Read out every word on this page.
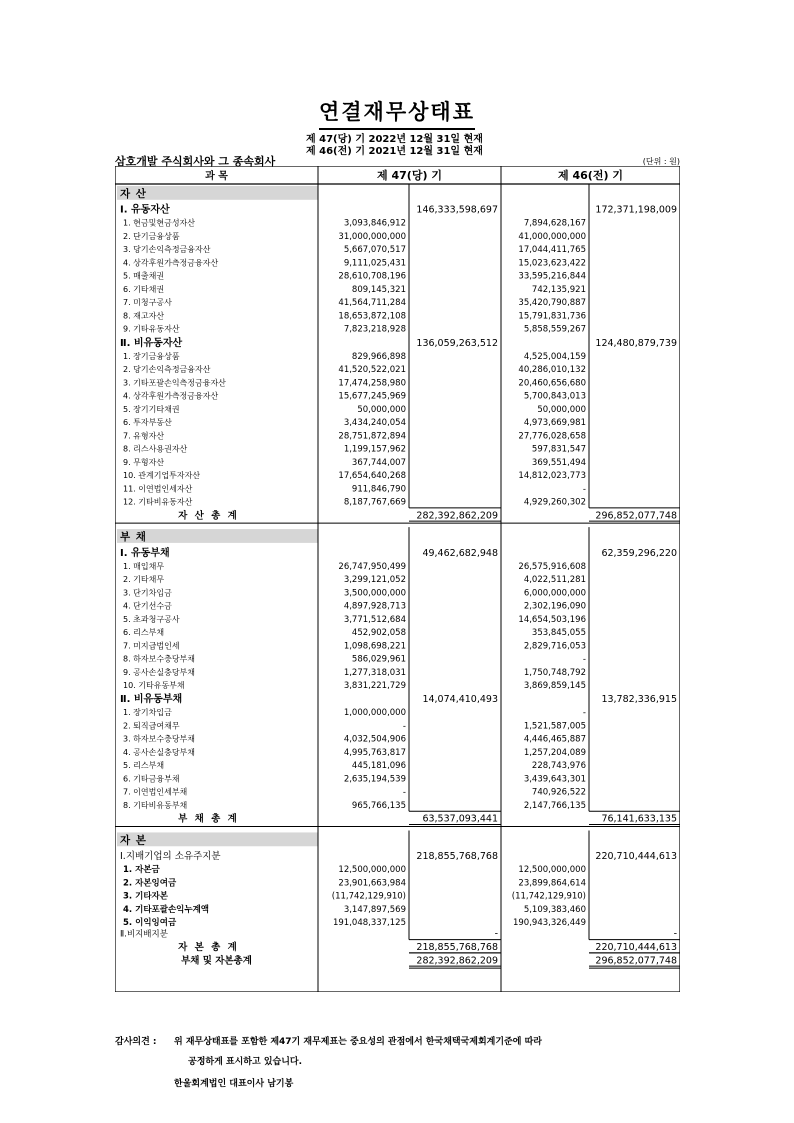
연결재무상태표
제 47(당) 기 2022년 12월 31일 현재
제 46(전) 기 2021년 12월 31일 현재
삼호개발 주식회사와 그 종속회사	(단위 : 원)
과 목	제 47(당) 기	제 46(전) 기
자 산
Ⅰ. 유동자산	146,333,598,697	172,371,198,009
1. 현금및현금성자산	3,093,846,912	7,894,628,167
2. 단기금융상품	31,000,000,000	41,000,000,000
3. 당기손익측정금융자산	5,667,070,517	17,044,411,765
4. 상각후원가측정금융자산	9,111,025,431	15,023,623,422
5. 매출채권	28,610,708,196	33,595,216,844
6. 기타채권	809,145,321	742,135,921
7. 미청구공사	41,564,711,284	35,420,790,887
8. 재고자산	18,653,872,108	15,791,831,736
9. 기타유동자산	7,823,218,928	5,858,559,267
Ⅱ. 비유동자산	136,059,263,512	124,480,879,739
1. 장기금융상품	829,966,898	4,525,004,159
2. 당기손익측정금융자산	41,520,522,021	40,286,010,132
3. 기타포괄손익측정금융자산	17,474,258,980	20,460,656,680
4. 상각후원가측정금융자산	15,677,245,969	5,700,843,013
5. 장기기타채권	50,000,000	50,000,000
6. 투자부동산	3,434,240,054	4,973,669,981
7. 유형자산	28,751,872,894	27,776,028,658
8. 리스사용권자산	1,199,157,962	597,831,547
9. 무형자산	367,744,007	369,551,494
10. 관계기업투자자산	17,654,640,268	14,812,023,773
11. 이연법인세자산	911,846,790	-
12. 기타비유동자산	8,187,767,669	4,929,260,302
자 산 총 계	282,392,862,209	296,852,077,748
부 채
Ⅰ. 유동부채	49,462,682,948	62,359,296,220
1. 매입채무	26,747,950,499	26,575,916,608
2. 기타채무	3,299,121,052	4,022,511,281
3. 단기차입금	3,500,000,000	6,000,000,000
4. 단기선수금	4,897,928,713	2,302,196,090
5. 초과청구공사	3,771,512,684	14,654,503,196
6. 리스부채	452,902,058	353,845,055
7. 미지급법인세	1,098,698,221	2,829,716,053
8. 하자보수충당부채	586,029,961	-
9. 공사손실충당부채	1,277,318,031	1,750,748,792
10. 기타유동부채	3,831,221,729	3,869,859,145
Ⅱ. 비유동부채	14,074,410,493	13,782,336,915
1. 장기차입금	1,000,000,000	-
2. 퇴직급여채무	-	1,521,587,005
3. 하자보수충당부채	4,032,504,906	4,446,465,887
4. 공사손실충당부채	4,995,763,817	1,257,204,089
5. 리스부채	445,181,096	228,743,976
6. 기타금융부채	2,635,194,539	3,439,643,301
7. 이연법인세부채	-	740,926,522
8. 기타비유동부채	965,766,135	2,147,766,135
부 채 총 계	63,537,093,441	76,141,633,135
자 본
Ⅰ.지배기업의 소유주지분	218,855,768,768	220,710,444,613
1. 자본금	12,500,000,000	12,500,000,000
2. 자본잉여금	23,901,663,984	23,899,864,614
3. 기타자본	(11,742,129,910)	(11,742,129,910)
4. 기타포괄손익누계액	3,147,897,569	5,109,383,460
5. 이익잉여금	191,048,337,125	190,943,326,449
Ⅱ.비지배지분	-	-
자 본 총 계	218,855,768,768	220,710,444,613
부채 및 자본총계	282,392,862,209	296,852,077,748
감사의견 : 위 재무상태표를 포함한 제47기 재무제표는 중요성의 관점에서 한국채택국제회계기준에 따라
공정하게 표시하고 있습니다.
한울회계법인 대표이사 남기봉
